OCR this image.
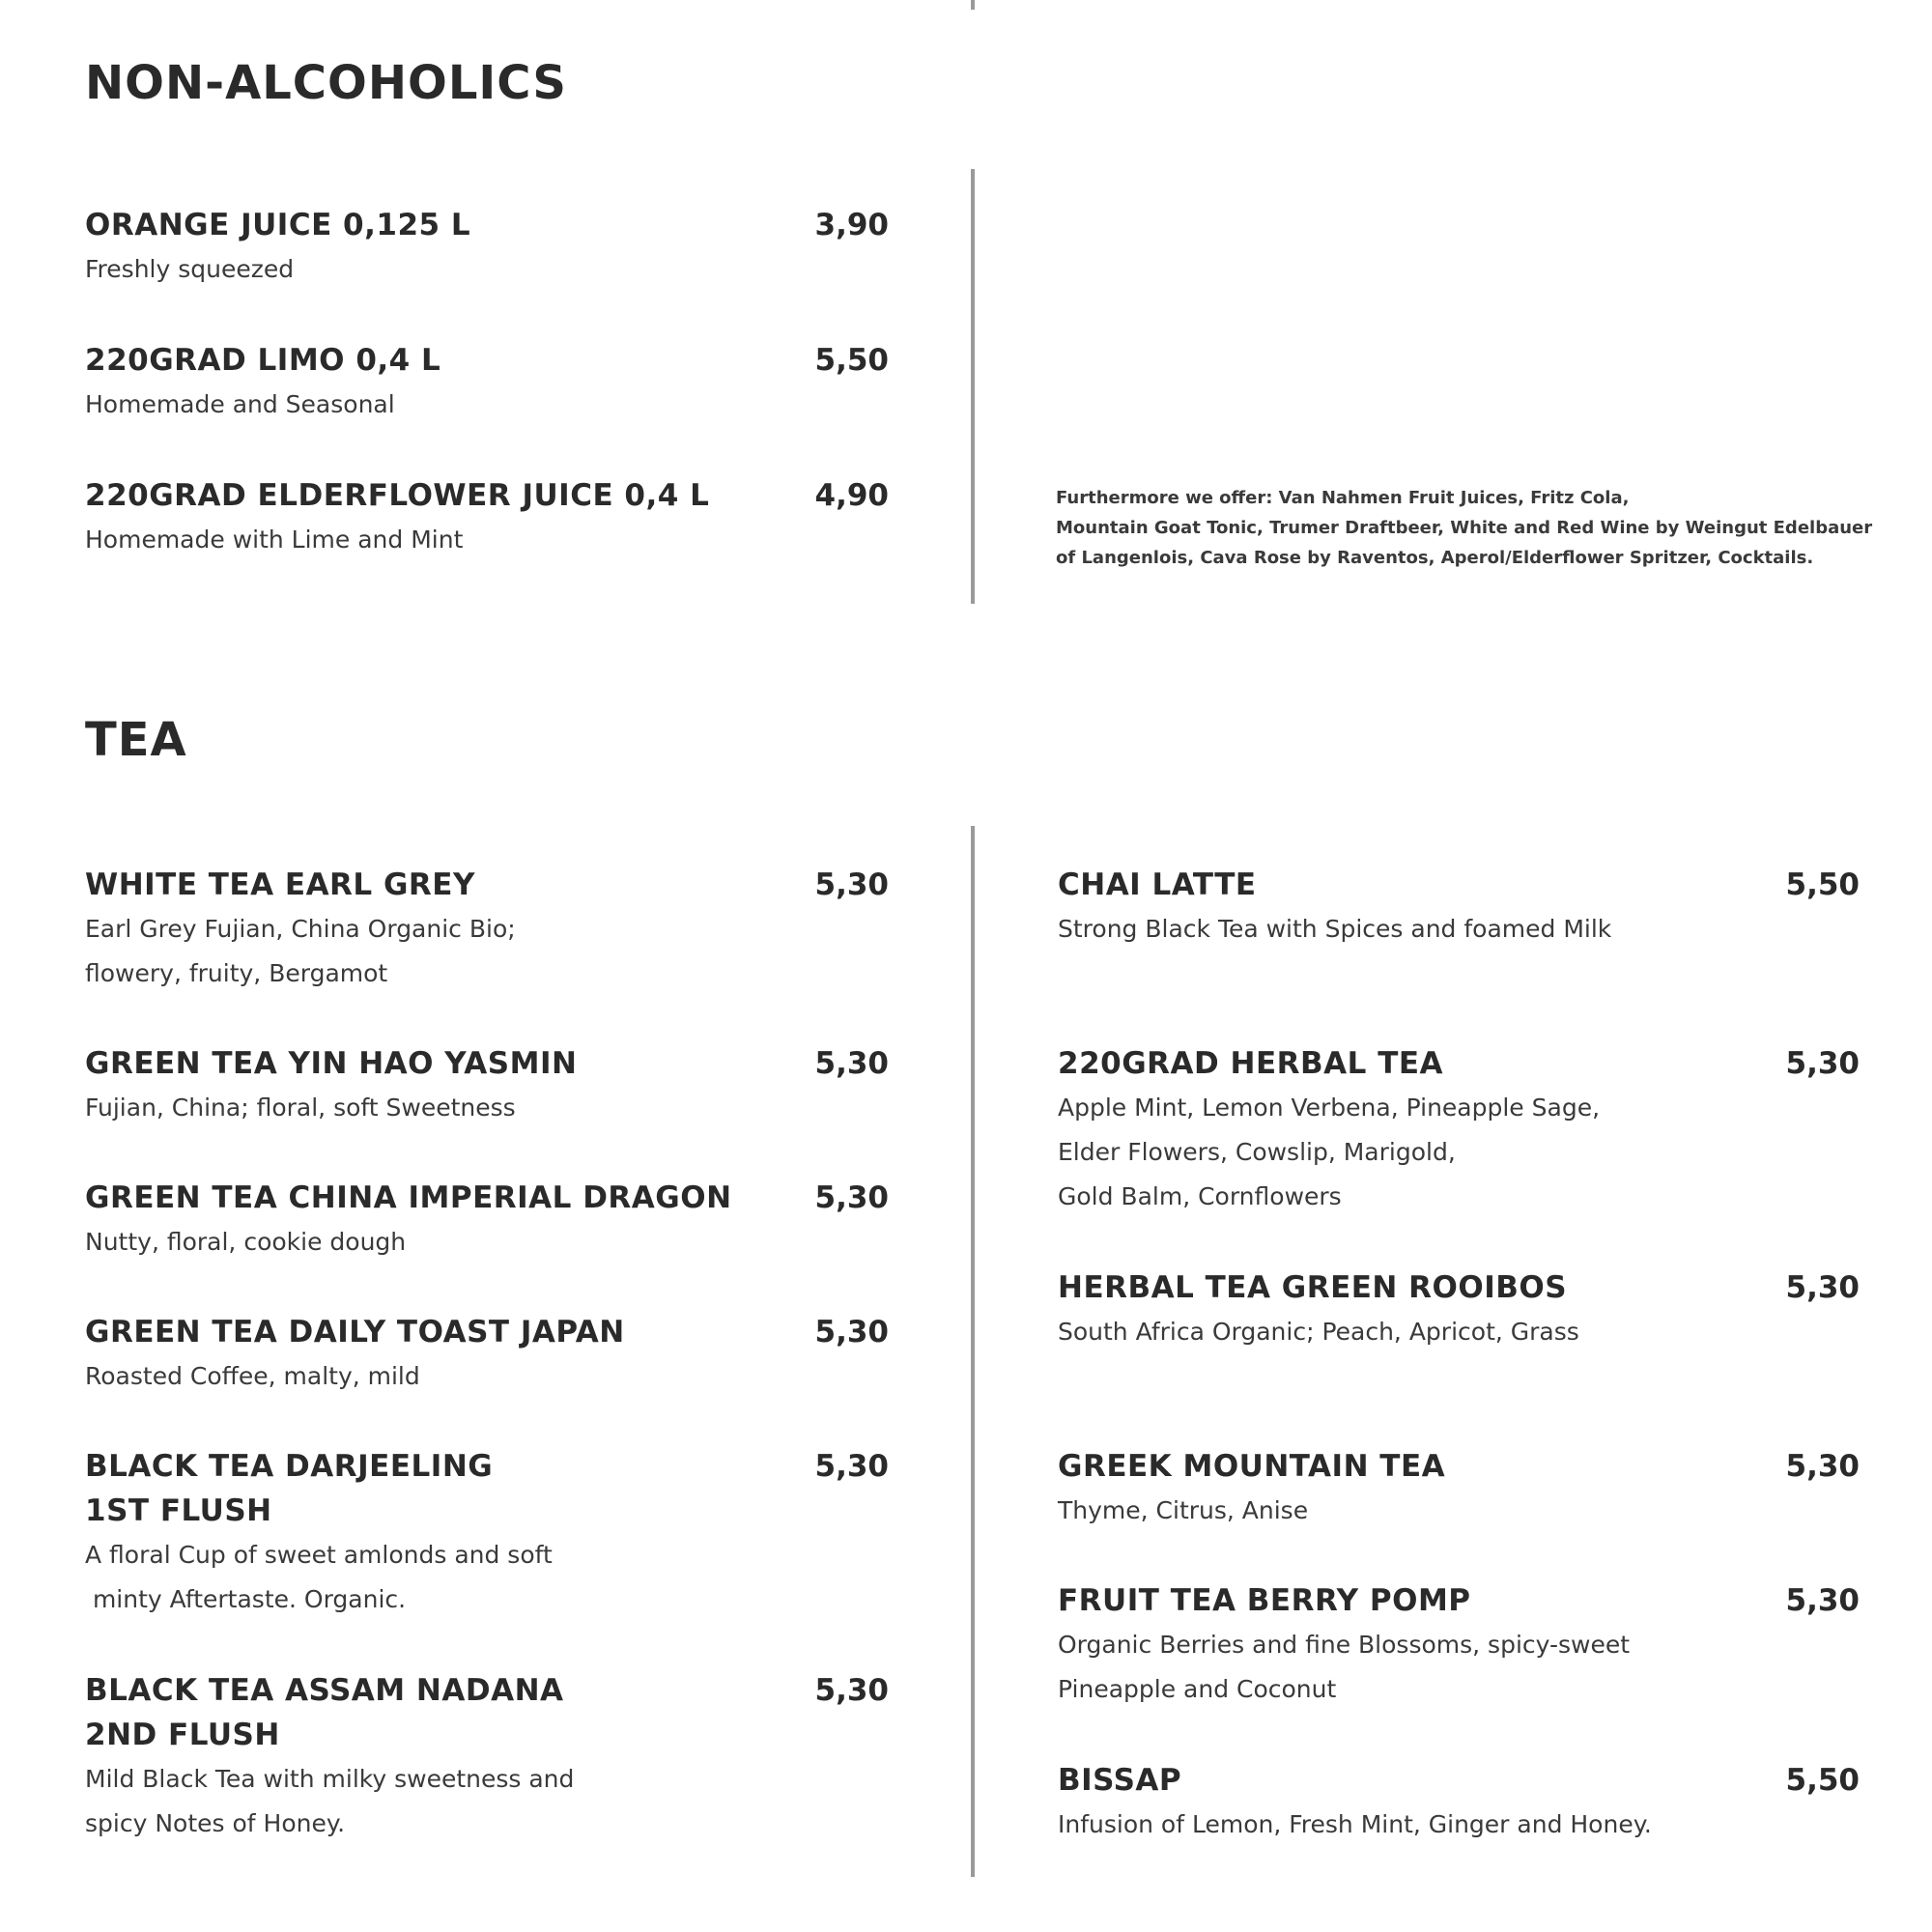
NON-ALCOHOLICS
ORANGE JUICE 0,125 L
Freshly squeezed
3,90
220GRAD LIMO 0,4 L
Homemade and Seasonal
5,50
220GRAD ELDERFLOWER JUICE 0,4 L
Homemade with Lime and Mint
4,90	Furthermore we offer: Van Nahmen Fruit Juices, Fritz Cola,
Mountain Goat Tonic, Trumer Draftbeer, White and Red Wine by Weingut Edelbauer
of Langenlois, Cava Rose by Raventos, Aperol/Elderflower Spritzer, Cocktails.
TEA
WHITE TEA EARL GREY
Earl Grey Fujian, China Organic Bio;
flowery, fruity, Bergamot
5,30
GREEN TEA YIN HAO YASMIN
Fujian, China; floral, soft Sweetness
5,30
GREEN TEA CHINA IMPERIAL DRAGON
Nutty, floral, cookie dough
5,30
GREEN TEA DAILY TOAST JAPAN
Roasted Coffee, malty, mild
5,30
BLACK TEA DARJEELING
1ST FLUSH
A floral Cup of sweet amlonds and soft
minty Aftertaste. Organic.
5,30
BLACK TEA ASSAM NADANA
2ND FLUSH
Mild Black Tea with milky sweetness and
spicy Notes of Honey.
5,30
CHAI LATTE
Strong Black Tea with Spices and foamed Milk
5,50
220GRAD HERBAL TEA
Apple Mint, Lemon Verbena, Pineapple Sage,
Elder Flowers, Cowslip, Marigold,
Gold Balm, Cornflowers
5,30
HERBAL TEA GREEN ROOIBOS
South Africa Organic; Peach, Apricot, Grass
5,30
GREEK MOUNTAIN TEA
Thyme, Citrus, Anise
5,30
FRUIT TEA BERRY POMP
Organic Berries and fine Blossoms, spicy-sweet
Pineapple and Coconut
5,30
BISSAP
Infusion of Lemon, Fresh Mint, Ginger and Honey.
5,50
